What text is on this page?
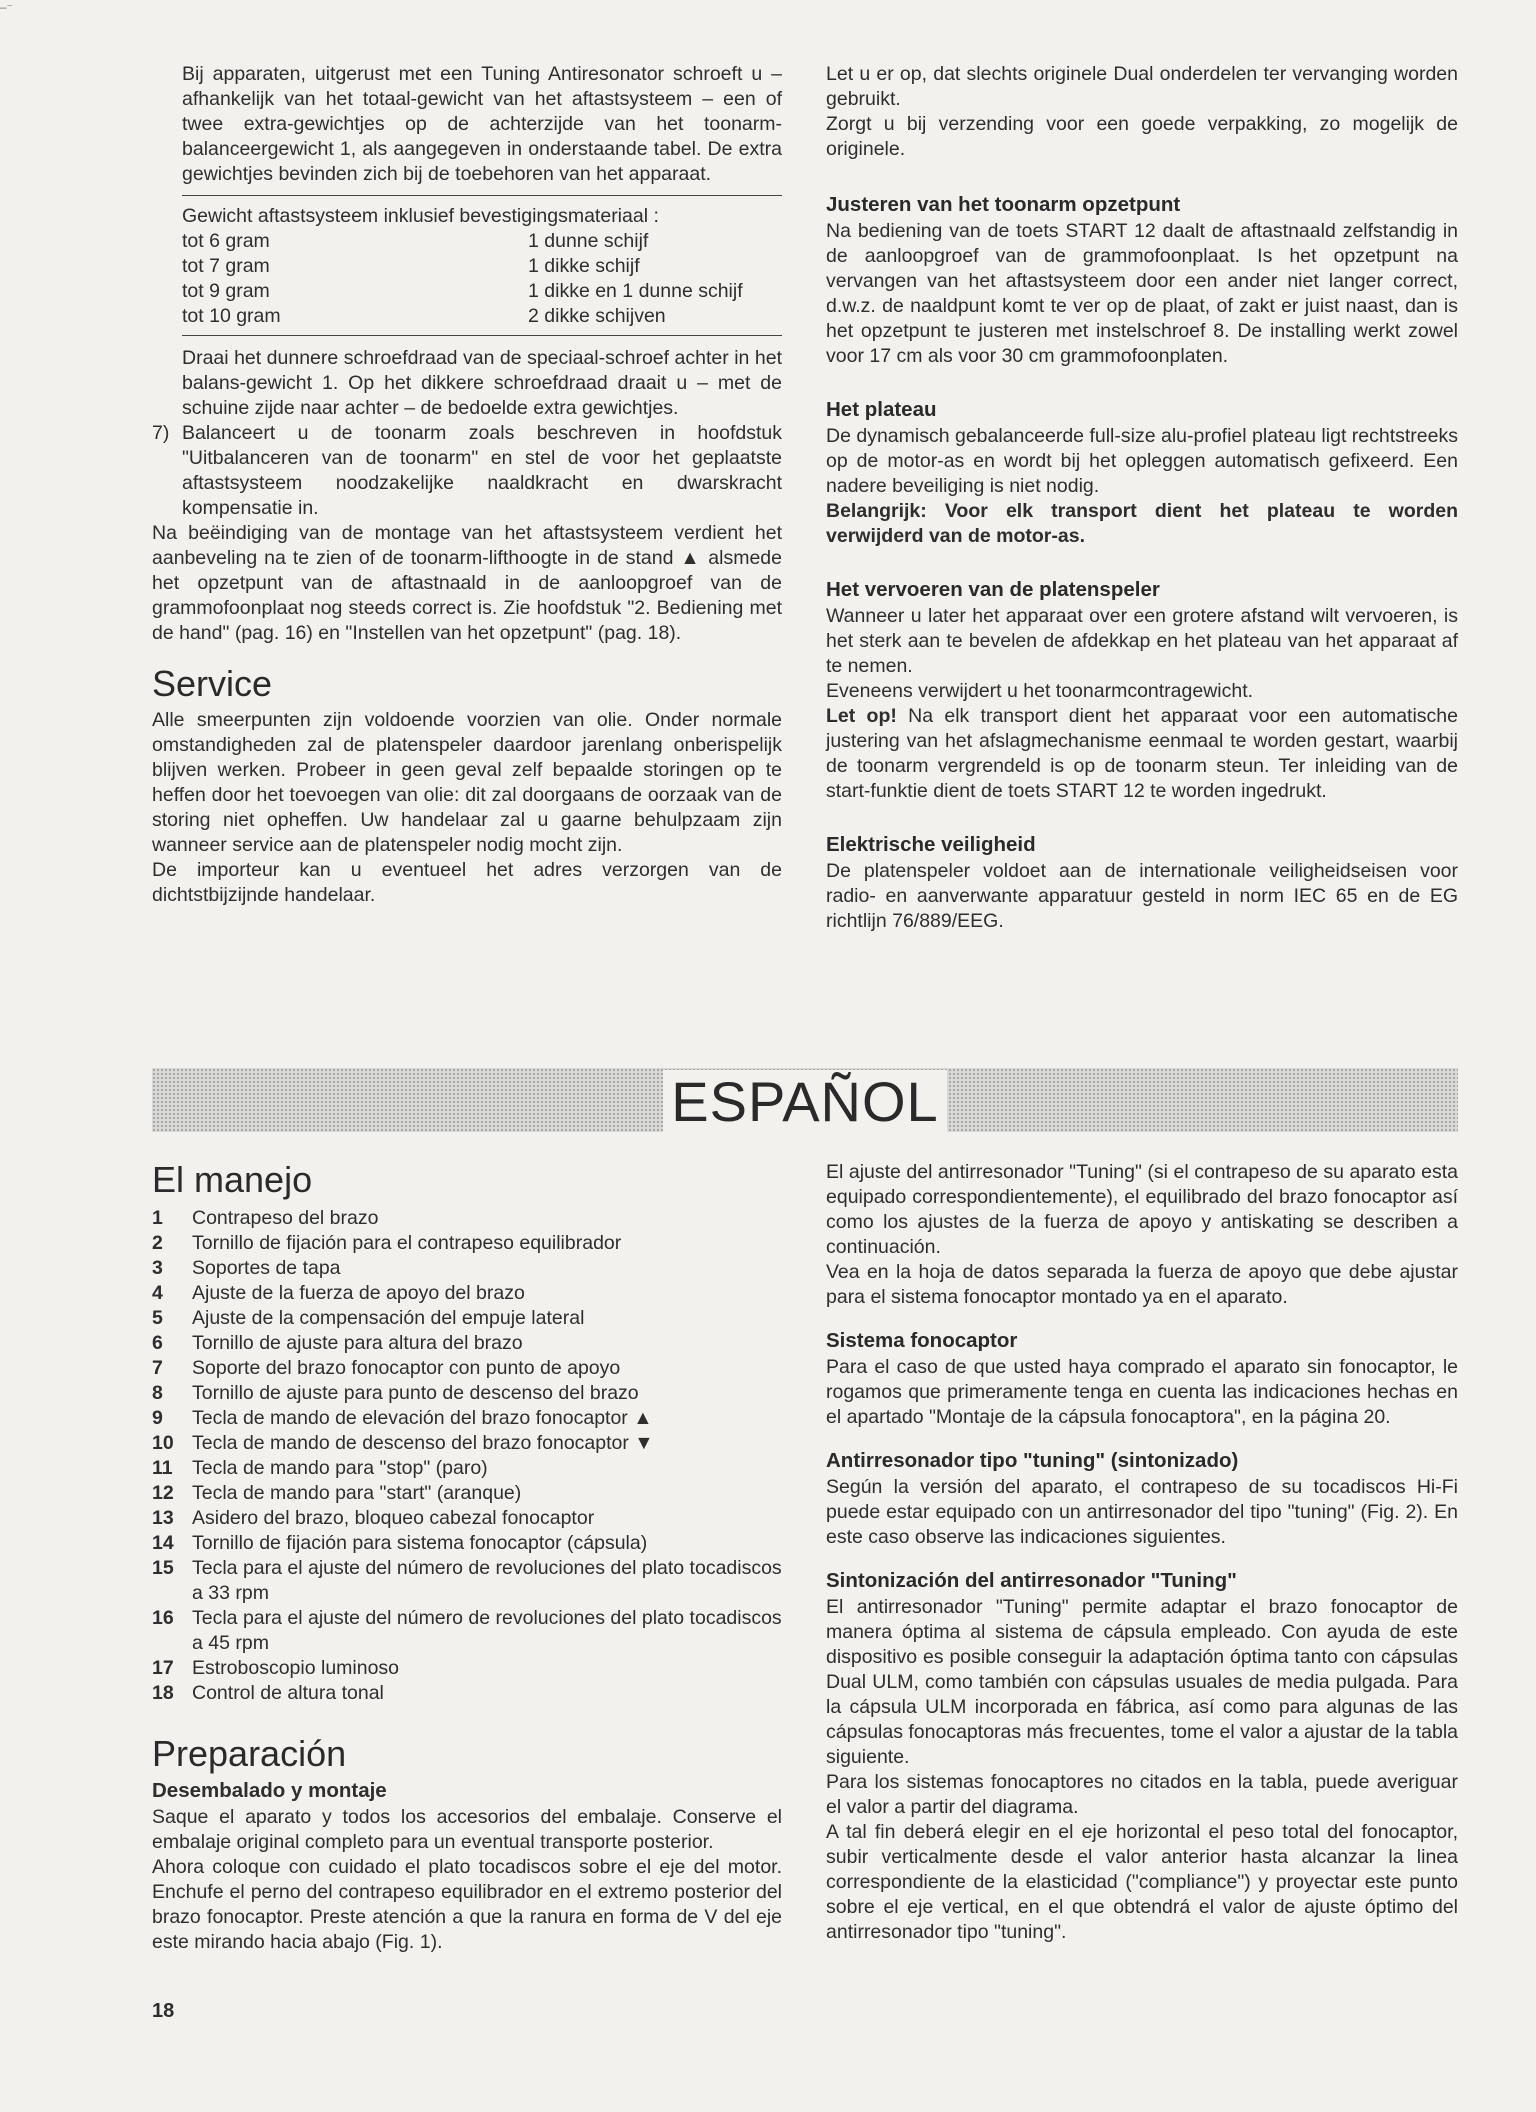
‒⁻

Bij apparaten, uitgerust met een Tuning Antiresonator schroeft u – afhankelijk van het totaal-gewicht van het aftastsysteem – een of twee extra-gewichtjes op de achterzijde van het toonarm-balanceergewicht 1, als aangegeven in onderstaande tabel. De extra gewichtjes bevinden zich bij de toebehoren van het apparaat.

Gewicht aftastsysteem inklusief bevestigingsmateriaal :

tot 6 gram	1 dunne schijf
tot 7 gram	1 dikke schijf
tot 9 gram	1 dikke en 1 dunne schijf
tot 10 gram	2 dikke schijven

Draai het dunnere schroefdraad van de speciaal-schroef achter in het balans-gewicht 1. Op het dikkere schroefdraad draait u – met de schuine zijde naar achter – de bedoelde extra gewichtjes.

7) Balanceert u de toonarm zoals beschreven in hoofdstuk "Uitbalanceren van de toonarm" en stel de voor het geplaatste aftastsysteem noodzakelijke naaldkracht en dwarskracht kompensatie in.

Na beëindiging van de montage van het aftastsysteem verdient het aanbeveling na te zien of de toonarm-lifthoogte in de stand ▲ alsmede het opzetpunt van de aftastnaald in de aanloopgroef van de grammofoonplaat nog steeds correct is. Zie hoofdstuk "2. Bediening met de hand" (pag. 16) en "Instellen van het opzetpunt" (pag. 18).

Service

Alle smeerpunten zijn voldoende voorzien van olie. Onder normale omstandigheden zal de platenspeler daardoor jarenlang onberispelijk blijven werken. Probeer in geen geval zelf bepaalde storingen op te heffen door het toevoegen van olie: dit zal doorgaans de oorzaak van de storing niet opheffen. Uw handelaar zal u gaarne behulpzaam zijn wanneer service aan de platenspeler nodig mocht zijn.

De importeur kan u eventueel het adres verzorgen van de dichtstbijzijnde handelaar.

Let u er op, dat slechts originele Dual onderdelen ter vervanging worden gebruikt.

Zorgt u bij verzending voor een goede verpakking, zo mogelijk de originele.

Justeren van het toonarm opzetpunt

Na bediening van de toets START 12 daalt de aftastnaald zelfstandig in de aanloopgroef van de grammofoonplaat. Is het opzetpunt na vervangen van het aftastsysteem door een ander niet langer correct, d.w.z. de naaldpunt komt te ver op de plaat, of zakt er juist naast, dan is het opzetpunt te justeren met instelschroef 8. De installing werkt zowel voor 17 cm als voor 30 cm grammofoonplaten.

Het plateau

De dynamisch gebalanceerde full-size alu-profiel plateau ligt rechtstreeks op de motor-as en wordt bij het opleggen automatisch gefixeerd. Een nadere beveiliging is niet nodig.

Belangrijk: Voor elk transport dient het plateau te worden verwijderd van de motor-as.

Het vervoeren van de platenspeler

Wanneer u later het apparaat over een grotere afstand wilt vervoeren, is het sterk aan te bevelen de afdekkap en het plateau van het apparaat af te nemen.

Eveneens verwijdert u het toonarmcontragewicht.

Let op! Na elk transport dient het apparaat voor een automatische justering van het afslagmechanisme eenmaal te worden gestart, waarbij de toonarm vergrendeld is op de toonarm steun. Ter inleiding van de start-funktie dient de toets START 12 te worden ingedrukt.

Elektrische veiligheid

De platenspeler voldoet aan de internationale veiligheidseisen voor radio- en aanverwante apparatuur gesteld in norm IEC 65 en de EG richtlijn 76/889/EEG.

ESPAÑOL
El manejo
1	Contrapeso del brazo
2	Tornillo de fijación para el contrapeso equilibrador
3	Soportes de tapa
4	Ajuste de la fuerza de apoyo del brazo
5	Ajuste de la compensación del empuje lateral
6	Tornillo de ajuste para altura del brazo
7	Soporte del brazo fonocaptor con punto de apoyo
8	Tornillo de ajuste para punto de descenso del brazo
9	Tecla de mando de elevación del brazo fonocaptor ▲
10 Tecla de mando de descenso del brazo fonocaptor ▼
11 Tecla de mando para "stop" (paro)
12 Tecla de mando para "start" (aranque)
13 Asidero del brazo, bloqueo cabezal fonocaptor
14 Tornillo de fijación para sistema fonocaptor (cápsula)
15 Tecla para el ajuste del número de revoluciones del plato tocadiscos a 33 rpm
16 Tecla para el ajuste del número de revoluciones del plato tocadiscos a 45 rpm
17 Estroboscopio luminoso
18 Control de altura tonal
Preparación
Desembalado y montaje

Saque el aparato y todos los accesorios del embalaje. Conserve el embalaje original completo para un eventual transporte posterior.

Ahora coloque con cuidado el plato tocadiscos sobre el eje del motor. Enchufe el perno del contrapeso equilibrador en el extremo posterior del brazo fonocaptor. Preste atención a que la ranura en forma de V del eje este mirando hacia abajo (Fig. 1).

El ajuste del antirresonador "Tuning" (si el contrapeso de su aparato esta equipado correspondientemente), el equilibrado del brazo fonocaptor así como los ajustes de la fuerza de apoyo y antiskating se describen a continuación.

Vea en la hoja de datos separada la fuerza de apoyo que debe ajustar para el sistema fonocaptor montado ya en el aparato.

Sistema fonocaptor

Para el caso de que usted haya comprado el aparato sin fonocaptor, le rogamos que primeramente tenga en cuenta las indicaciones hechas en el apartado "Montaje de la cápsula fonocaptora", en la página 20.

Antirresonador tipo "tuning" (sintonizado)

Según la versión del aparato, el contrapeso de su tocadiscos Hi-Fi puede estar equipado con un antirresonador del tipo "tuning" (Fig. 2). En este caso observe las indicaciones siguientes.

Sintonización del antirresonador "Tuning"

El antirresonador "Tuning" permite adaptar el brazo fonocaptor de manera óptima al sistema de cápsula empleado. Con ayuda de este dispositivo es posible conseguir la adaptación óptima tanto con cápsulas Dual ULM, como también con cápsulas usuales de media pulgada. Para la cápsula ULM incorporada en fábrica, así como para algunas de las cápsulas fonocaptoras más frecuentes, tome el valor a ajustar de la tabla siguiente.

Para los sistemas fonocaptores no citados en la tabla, puede averiguar el valor a partir del diagrama.

A tal fin deberá elegir en el eje horizontal el peso total del fonocaptor, subir verticalmente desde el valor anterior hasta alcanzar la linea correspondiente de la elasticidad ("compliance") y proyectar este punto sobre el eje vertical, en el que obtendrá el valor de ajuste óptimo del antirresonador tipo "tuning".

18
